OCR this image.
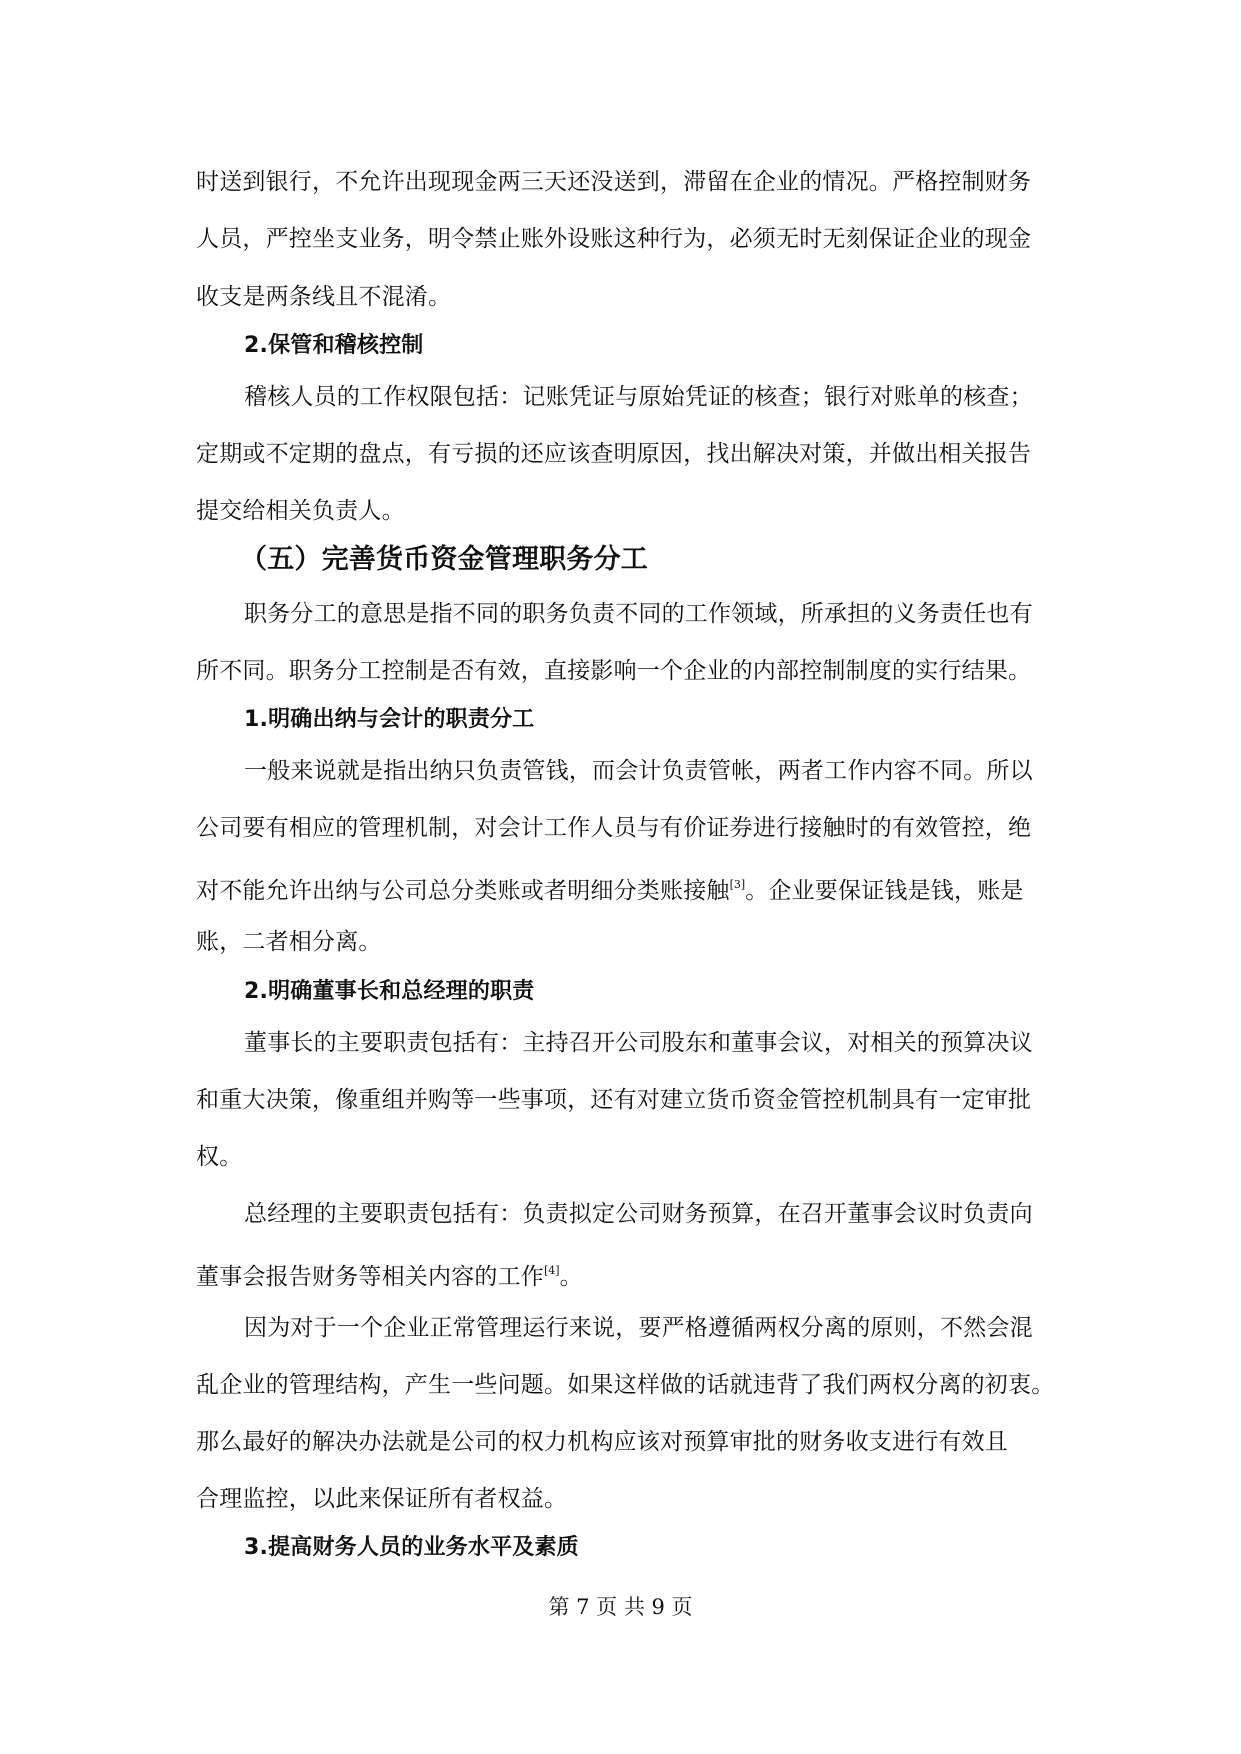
时送到银行，不允许出现现金两三天还没送到，滞留在企业的情况。严格控制财务
人员，严控坐支业务，明令禁止账外设账这种行为，必须无时无刻保证企业的现金
收支是两条线且不混淆。
2.保管和稽核控制
稽核人员的工作权限包括：记账凭证与原始凭证的核查；银行对账单的核查；
定期或不定期的盘点，有亏损的还应该查明原因，找出解决对策，并做出相关报告
提交给相关负责人。
（五）完善货币资金管理职务分工
职务分工的意思是指不同的职务负责不同的工作领域，所承担的义务责任也有
所不同。职务分工控制是否有效，直接影响一个企业的内部控制制度的实行结果。
1.明确出纳与会计的职责分工
一般来说就是指出纳只负责管钱，而会计负责管帐，两者工作内容不同。所以
公司要有相应的管理机制，对会计工作人员与有价证券进行接触时的有效管控，绝
对不能允许出纳与公司总分类账或者明细分类账接触[3]。企业要保证钱是钱，账是
账，二者相分离。
2.明确董事长和总经理的职责
董事长的主要职责包括有：主持召开公司股东和董事会议，对相关的预算决议
和重大决策，像重组并购等一些事项，还有对建立货币资金管控机制具有一定审批
权。
总经理的主要职责包括有：负责拟定公司财务预算，在召开董事会议时负责向
董事会报告财务等相关内容的工作[4]。
因为对于一个企业正常管理运行来说，要严格遵循两权分离的原则，不然会混
乱企业的管理结构，产生一些问题。如果这样做的话就违背了我们两权分离的初衷。
那么最好的解决办法就是公司的权力机构应该对预算审批的财务收支进行有效且
合理监控，以此来保证所有者权益。
3.提高财务人员的业务水平及素质
第 7 页 共 9 页
